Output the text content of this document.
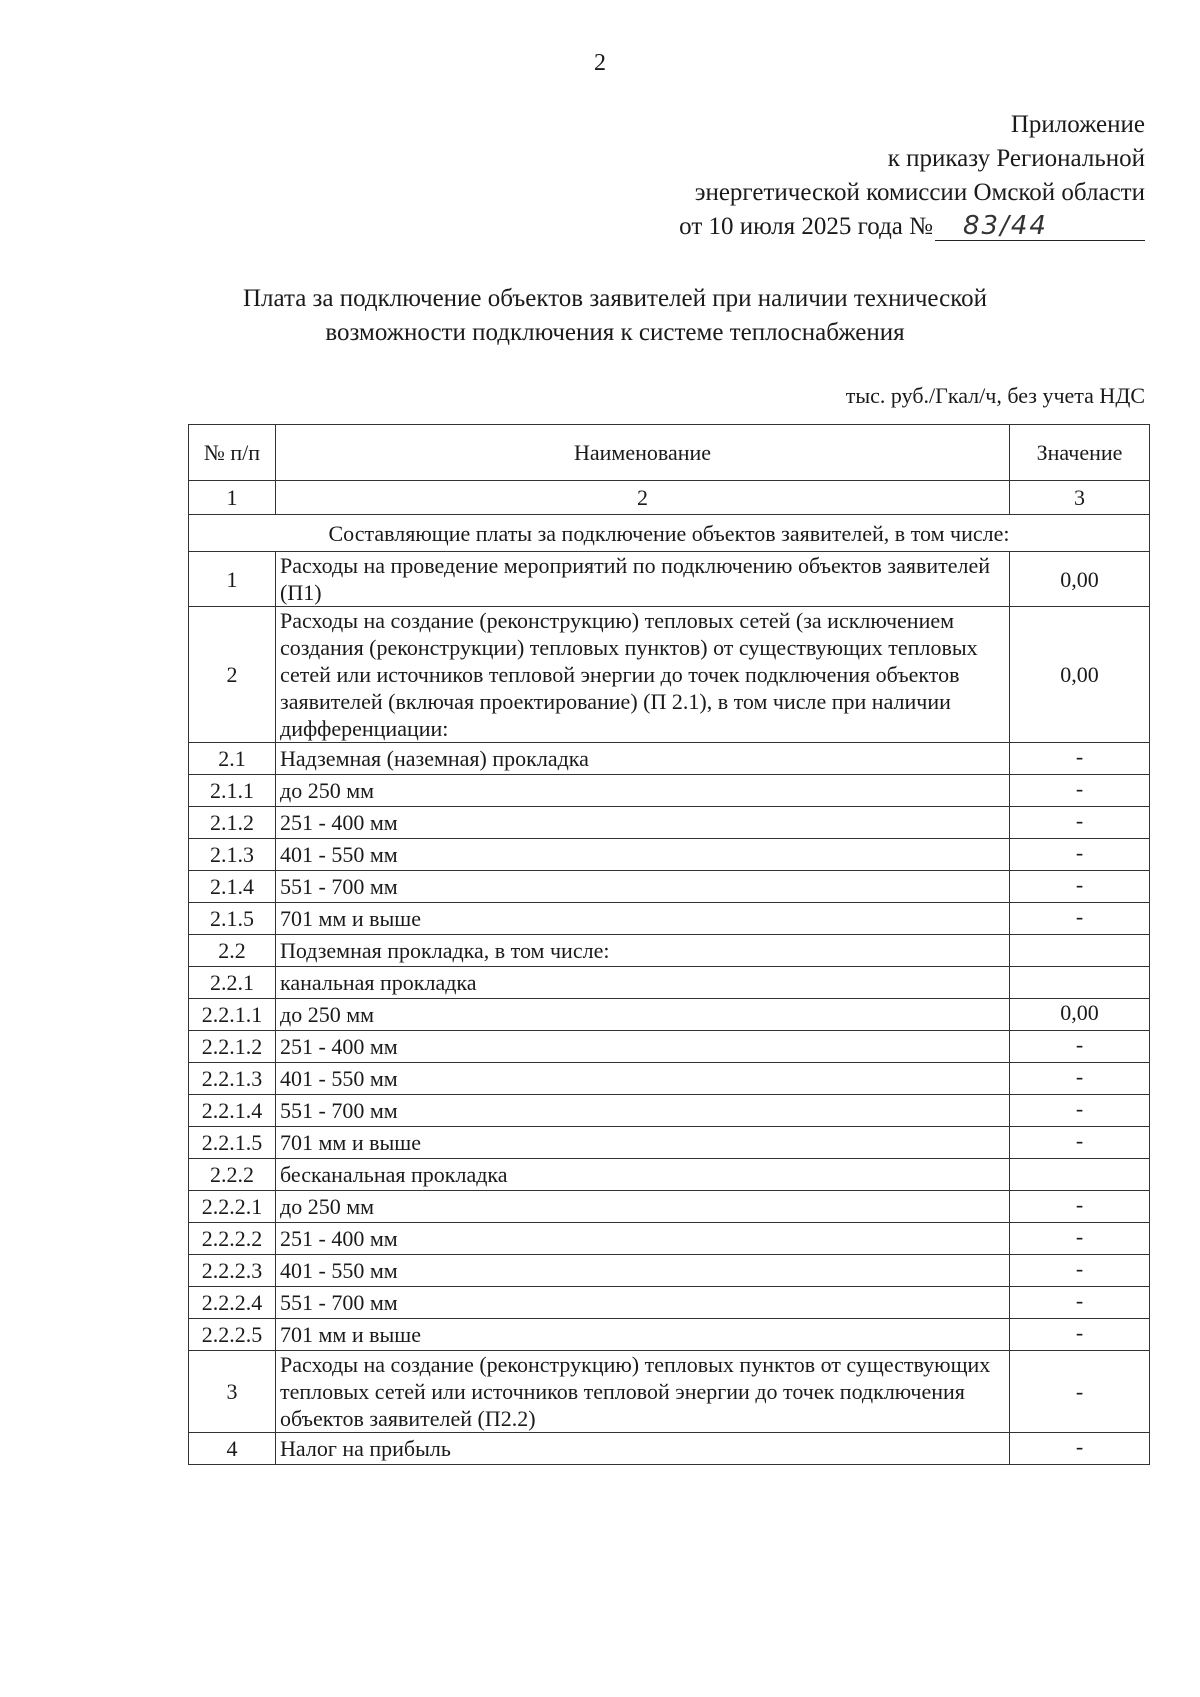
2
Приложение
к приказу Региональной
энергетической комиссии Омской области
от 10 июля 2025 года №	83/44
Плата за подключение объектов заявителей при наличии технической
возможности подключения к системе теплоснабжения
тыс. руб./Гкал/ч, без учета НДС
№ п/п	Наименование	Значение
1	2	3
Составляющие платы за подключение объектов заявителей, в том числе:		
1	Расходы на проведение мероприятий по подключению объектов заявителей (П1)	0,00
2	Расходы на создание (реконструкцию) тепловых сетей (за исключением создания (реконструкции) тепловых пунктов) от существующих тепловых сетей или источников тепловой энергии до точек подключения объектов заявителей (включая проектирование) (П 2.1), в том числе при наличии дифференциации:	0,00
2.1	Надземная (наземная) прокладка	-
2.1.1	до 250 мм	-
2.1.2	251 - 400 мм	-
2.1.3	401 - 550 мм	-
2.1.4	551 - 700 мм	-
2.1.5	701 мм и выше	-
2.2	Подземная прокладка, в том числе:	
2.2.1	канальная прокладка	
2.2.1.1	до 250 мм	0,00
2.2.1.2	251 - 400 мм	-
2.2.1.3	401 - 550 мм	-
2.2.1.4	551 - 700 мм	-
2.2.1.5	701 мм и выше	-
2.2.2	бесканальная прокладка	
2.2.2.1	до 250 мм	-
2.2.2.2	251 - 400 мм	-
2.2.2.3	401 - 550 мм	-
2.2.2.4	551 - 700 мм	-
2.2.2.5	701 мм и выше	-
3	Расходы на создание (реконструкцию) тепловых пунктов от существующих тепловых сетей или источников тепловой энергии до точек подключения объектов заявителей (П2.2)	-
4	Налог на прибыль	-
